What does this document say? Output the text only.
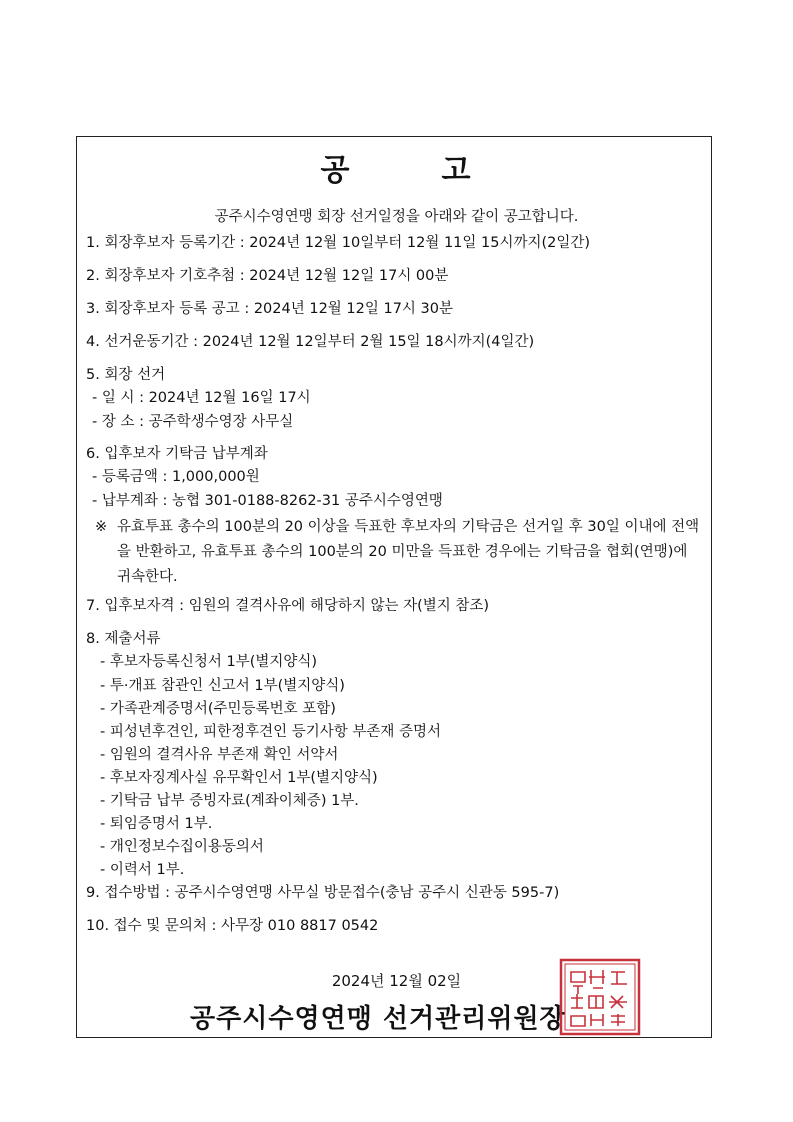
공	고
공주시수영연맹 회장 선거일정을 아래와 같이 공고합니다.
1. 회장후보자 등록기간 : 2024년 12월 10일부터 12월 11일 15시까지(2일간)
2. 회장후보자 기호추첨 : 2024년 12월 12일 17시 00분
3. 회장후보자 등록 공고 : 2024년 12월 12일 17시 30분
4. 선거운동기간 : 2024년 12월 12일부터 2월 15일 18시까지(4일간)
5. 회장 선거
- 일 시 : 2024년 12월 16일 17시
- 장 소 : 공주학생수영장 사무실
6. 입후보자 기탁금 납부계좌
- 등록금액 : 1,000,000원
- 납부계좌 : 농협 301-0188-8262-31 공주시수영연맹
※ 유효투표 총수의 100분의 20 이상을 득표한 후보자의 기탁금은 선거일 후 30일 이내에 전액을 반환하고, 유효투표 총수의 100분의 20 미만을 득표한 경우에는 기탁금을 협회(연맹)에 귀속한다.
7. 입후보자격 : 임원의 결격사유에 해당하지 않는 자(별지 참조)
8. 제출서류
- 후보자등록신청서 1부(별지양식)
- 투·개표 참관인 신고서 1부(별지양식)
- 가족관계증명서(주민등록번호 포함)
- 피성년후견인, 피한정후견인 등기사항 부존재 증명서
- 임원의 결격사유 부존재 확인 서약서
- 후보자징계사실 유무확인서 1부(별지양식)
- 기탁금 납부 증빙자료(계좌이체증) 1부.
- 퇴임증명서 1부.
- 개인정보수집이용동의서
- 이력서 1부.
9. 접수방법 : 공주시수영연맹 사무실 방문접수(충남 공주시 신관동 595-7)
10. 접수 및 문의처 : 사무장 010 8817 0542
2024년 12월 02일
공주시수영연맹 선거관리위원장
